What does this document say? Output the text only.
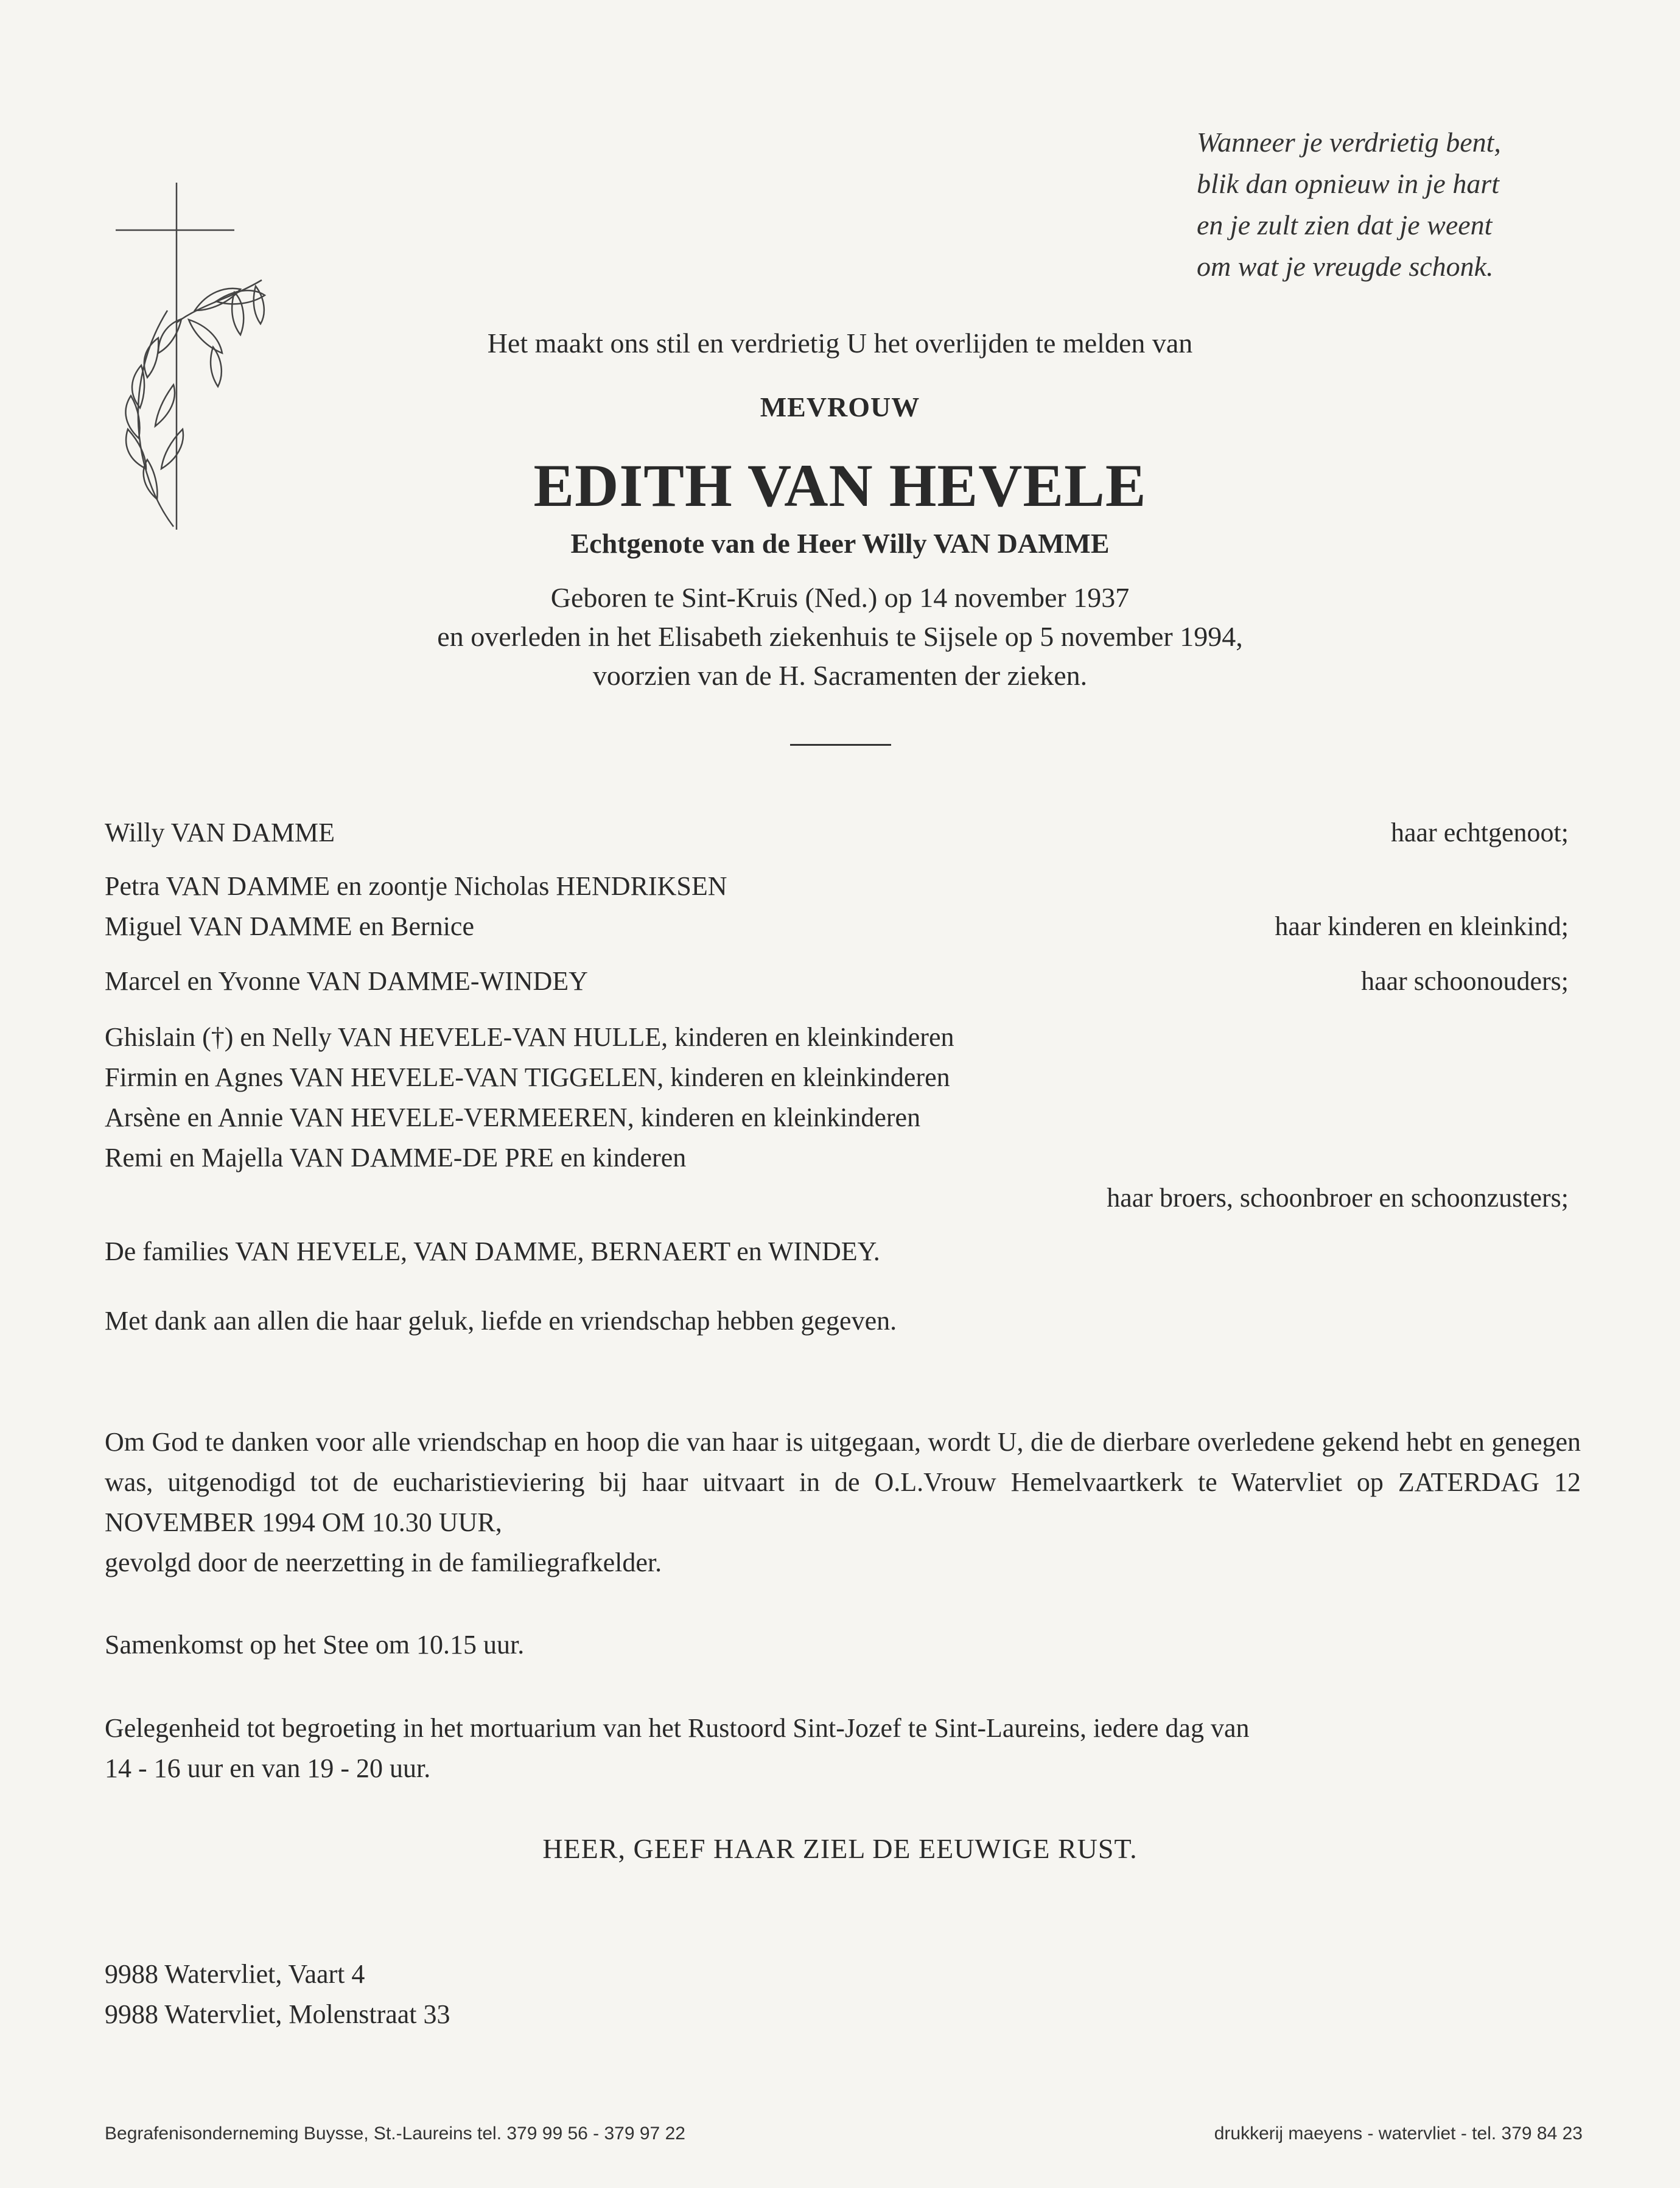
Wanneer je verdrietig bent,
blik dan opnieuw in je hart
en je zult zien dat je weent
om wat je vreugde schonk.
Het maakt ons stil en verdrietig U het overlijden te melden van
MEVROUW
EDITH VAN HEVELE
Echtgenote van de Heer Willy VAN DAMME
Geboren te Sint-Kruis (Ned.) op 14 november 1937
en overleden in het Elisabeth ziekenhuis te Sijsele op 5 november 1994,
voorzien van de H. Sacramenten der zieken.
Willy VAN DAMME	haar echtgenoot;
Petra VAN DAMME en zoontje Nicholas HENDRIKSEN
Miguel VAN DAMME en Bernice	haar kinderen en kleinkind;
Marcel en Yvonne VAN DAMME-WINDEY	haar schoonouders;
Ghislain (†) en Nelly VAN HEVELE-VAN HULLE, kinderen en kleinkinderen
Firmin en Agnes VAN HEVELE-VAN TIGGELEN, kinderen en kleinkinderen
Arsène en Annie VAN HEVELE-VERMEEREN, kinderen en kleinkinderen
Remi en Majella VAN DAMME-DE PRE en kinderen
haar broers, schoonbroer en schoonzusters;
De families VAN HEVELE, VAN DAMME, BERNAERT en WINDEY.
Met dank aan allen die haar geluk, liefde en vriendschap hebben gegeven.
Om God te danken voor alle vriendschap en hoop die van haar is uitgegaan, wordt U, die de dierbare overledene gekend hebt en genegen was, uitgenodigd tot de eucharistieviering bij haar uitvaart in de O.L.Vrouw Hemelvaartkerk te Watervliet op ZATERDAG 12 NOVEMBER 1994 OM 10.30 UUR,
gevolgd door de neerzetting in de familiegrafkelder.
Samenkomst op het Stee om 10.15 uur.
Gelegenheid tot begroeting in het mortuarium van het Rustoord Sint-Jozef te Sint-Laureins, iedere dag van
14 - 16 uur en van 19 - 20 uur.
HEER, GEEF HAAR ZIEL DE EEUWIGE RUST.
9988 Watervliet, Vaart 4
9988 Watervliet, Molenstraat 33
Begrafenisonderneming Buysse, St.-Laureins tel. 379 99 56 - 379 97 22	drukkerij maeyens - watervliet - tel. 379 84 23
